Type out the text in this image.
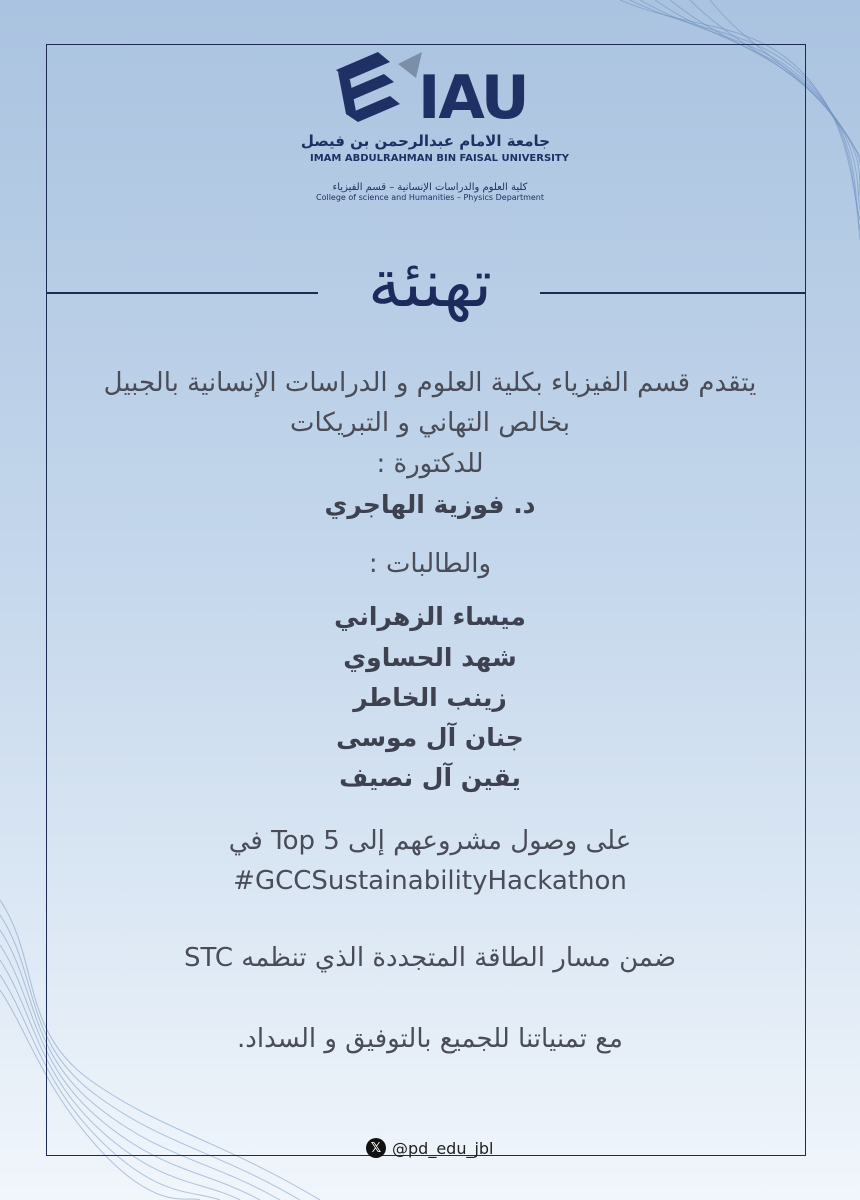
IAU
جامعة الامام عبدالرحمن بن فيصل
IMAM ABDULRAHMAN BIN FAISAL UNIVERSITY
كلية العلوم والدراسات الإنسانية – قسم الفيزياء
College of science and Humanities – Physics Department
تهنئة
يتقدم قسم الفيزياء بكلية العلوم و الدراسات الإنسانية بالجبيل
بخالص التهاني و التبريكات
للدكتورة :
د. فوزية الهاجري
والطالبات :
ميساء الزهراني
شهد الحساوي
زينب الخاطر
جنان آل موسى
يقين آل نصيف
على وصول مشروعهم إلى Top 5 في
#GCCSustainabilityHackathon
ضمن مسار الطاقة المتجددة الذي تنظمه STC
مع تمنياتنا للجميع بالتوفيق و السداد.
𝕏 @pd_edu_jbl
